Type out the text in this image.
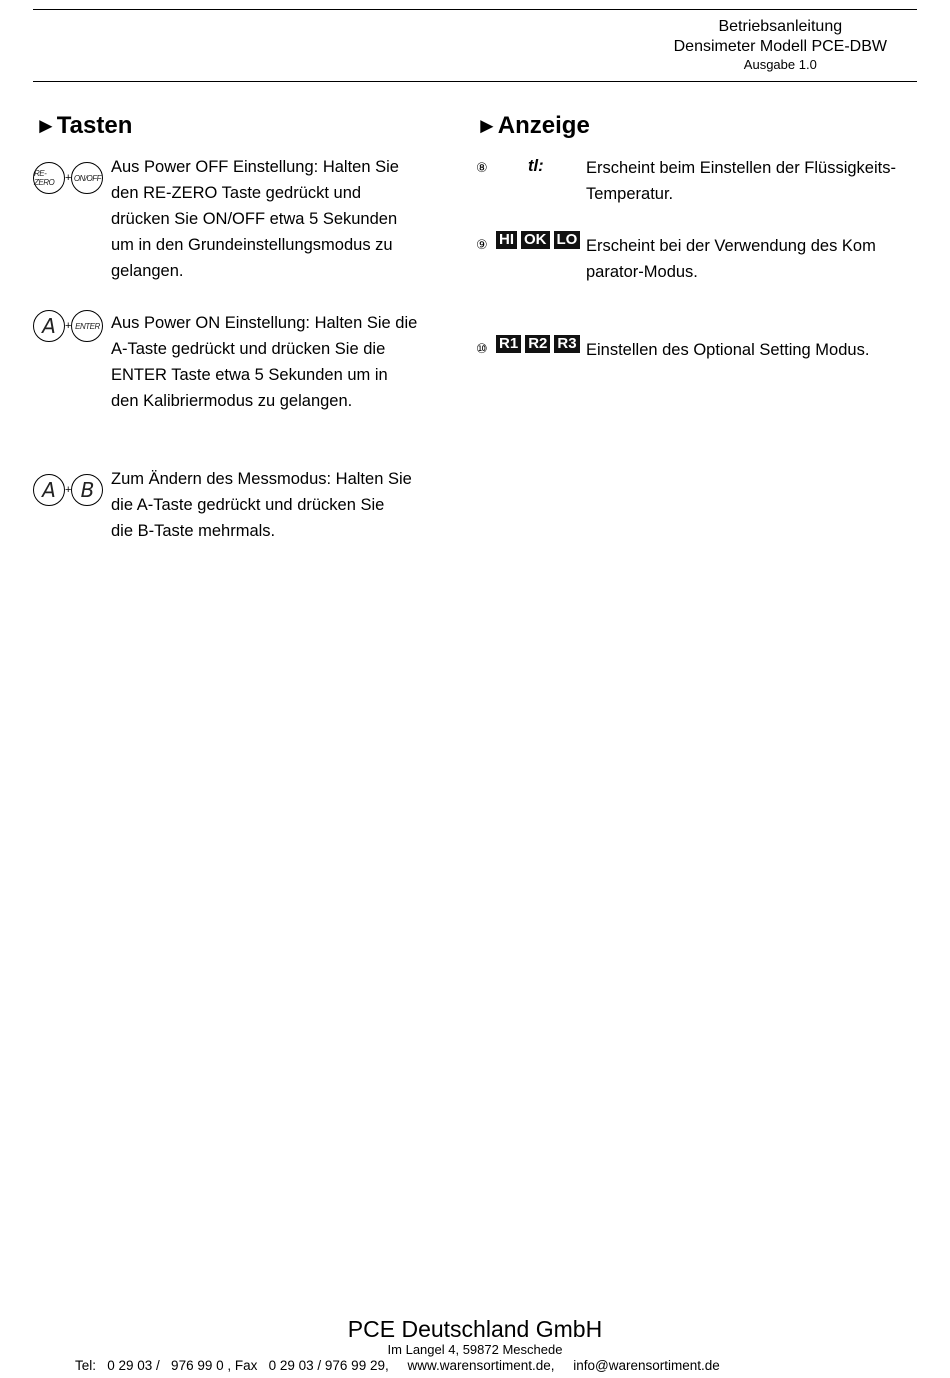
Betriebsanleitung
Densimeter Modell PCE-DBW
Ausgabe 1.0
►Tasten
RE-ZERO + ON/OFF
Aus Power OFF Einstellung: Halten Sie
den RE-ZERO Taste gedrückt und
drücken Sie ON/OFF etwa 5 Sekunden
um in den Grundeinstellungsmodus zu
gelangen.
A + ENTER Aus Power ON Einstellung: Halten Sie die
A-Taste gedrückt und drücken Sie die
ENTER Taste etwa 5 Sekunden um in
den Kalibriermodus zu gelangen.
A + B	Zum Ändern des Messmodus: Halten Sie
die A-Taste gedrückt und drücken Sie
die B-Taste mehrmals.
►Anzeige
⑧ tl:	Erscheint beim Einstellen der Flüssigkeits-
Temperatur.
⑨ HI OK LO Erscheint bei der Verwendung des Kom
parator-Modus.
⑩ R1 R2 R3 Einstellen des Optional Setting Modus.
PCE Deutschland GmbH
Im Langel 4, 59872 Meschede
Tel:   0 29 03 /   976 99 0 , Fax   0 29 03 / 976 99 29,     www.warensortiment.de,     info@warensortiment.de
